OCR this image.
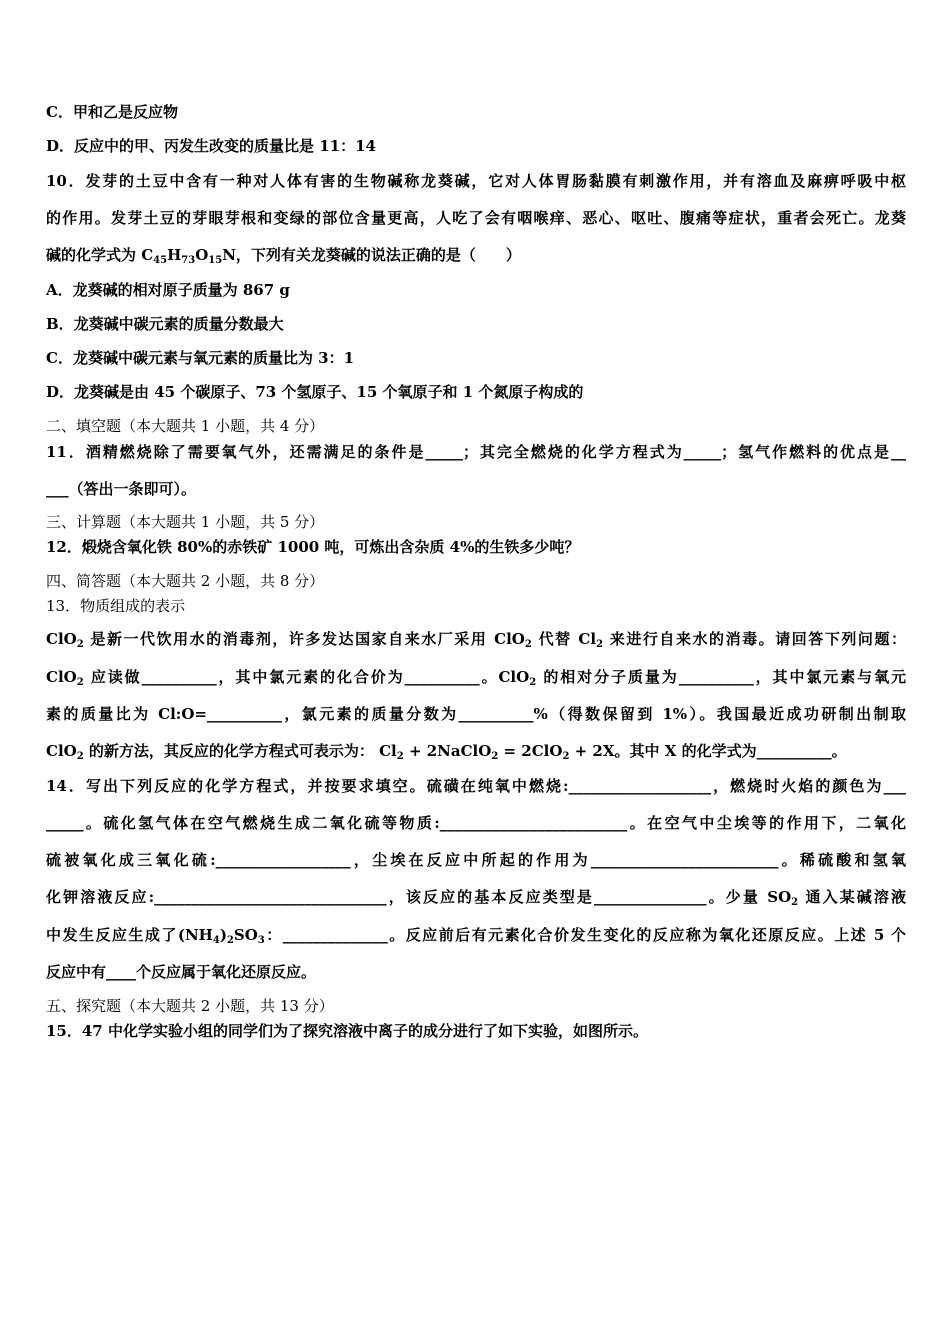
C．甲和乙是反应物
D．反应中的甲、丙发生改变的质量比是 11：14
10．发芽的土豆中含有一种对人体有害的生物碱称龙葵碱，它对人体胃肠黏膜有刺激作用，并有溶血及麻痹呼吸中枢
的作用。发芽土豆的芽眼芽根和变绿的部位含量更高，人吃了会有咽喉痒、恶心、呕吐、腹痛等症状，重者会死亡。龙葵
碱的化学式为 $C_{45}H_{73}O_{15}N$，下列有关龙葵碱的说法正确的是（　　）
A．龙葵碱的相对原子质量为 867 g
B．龙葵碱中碳元素的质量分数最大
C．龙葵碱中碳元素与氧元素的质量比为 3：1
D．龙葵碱是由 45 个碳原子、73 个氢原子、15 个氧原子和 1 个氮原子构成的
二、填空题（本大题共 1 小题，共 4 分）
11．酒精燃烧除了需要氧气外，还需满足的条件是_____；其完全燃烧的化学方程式为_____；氢气作燃料的优点是__
___（答出一条即可）。
三、计算题（本大题共 1 小题，共 5 分）
12．煅烧含氧化铁 80%的赤铁矿 1000 吨，可炼出含杂质 4%的生铁多少吨？
四、简答题（本大题共 2 小题，共 8 分）
13．物质组成的表示
ClO$_2$ 是新一代饮用水的消毒剂，许多发达国家自来水厂采用 ClO$_2$ 代替 $Cl_2$ 来进行自来水的消毒。请回答下列问题：
ClO$_2$ 应读做__________，其中氯元素的化合价为__________。ClO$_2$ 的相对分子质量为__________，其中氯元素与氧元
素的质量比为 Cl:O=__________，氯元素的质量分数为__________%（得数保留到 1%）。我国最近成功研制出制取
ClO$_2$ 的新方法，其反应的化学方程式可表示为： $Cl_2$ + 2NaClO$_2$ = 2ClO$_2$ + 2X。其中 X 的化学式为__________。
14．写出下列反应的化学方程式，并按要求填空。硫磺在纯氧中燃烧:___________________，燃烧时火焰的颜色为___
_____。硫化氢气体在空气燃烧生成二氧化硫等物质:_________________________。在空气中尘埃等的作用下，二氧化
硫被氧化成三氧化硫:__________________，尘埃在反应中所起的作用为_________________________。稀硫酸和氢氧
化钾溶液反应:_______________________________，该反应的基本反应类型是_______________。少量 $SO_2$ 通入某碱溶液
中发生反应生成了$(NH_4)_2SO_3$：______________。反应前后有元素化合价发生变化的反应称为氧化还原反应。上述 5 个
反应中有____个反应属于氧化还原反应。
五、探究题（本大题共 2 小题，共 13 分）
15．47 中化学实验小组的同学们为了探究溶液中离子的成分进行了如下实验，如图所示。
